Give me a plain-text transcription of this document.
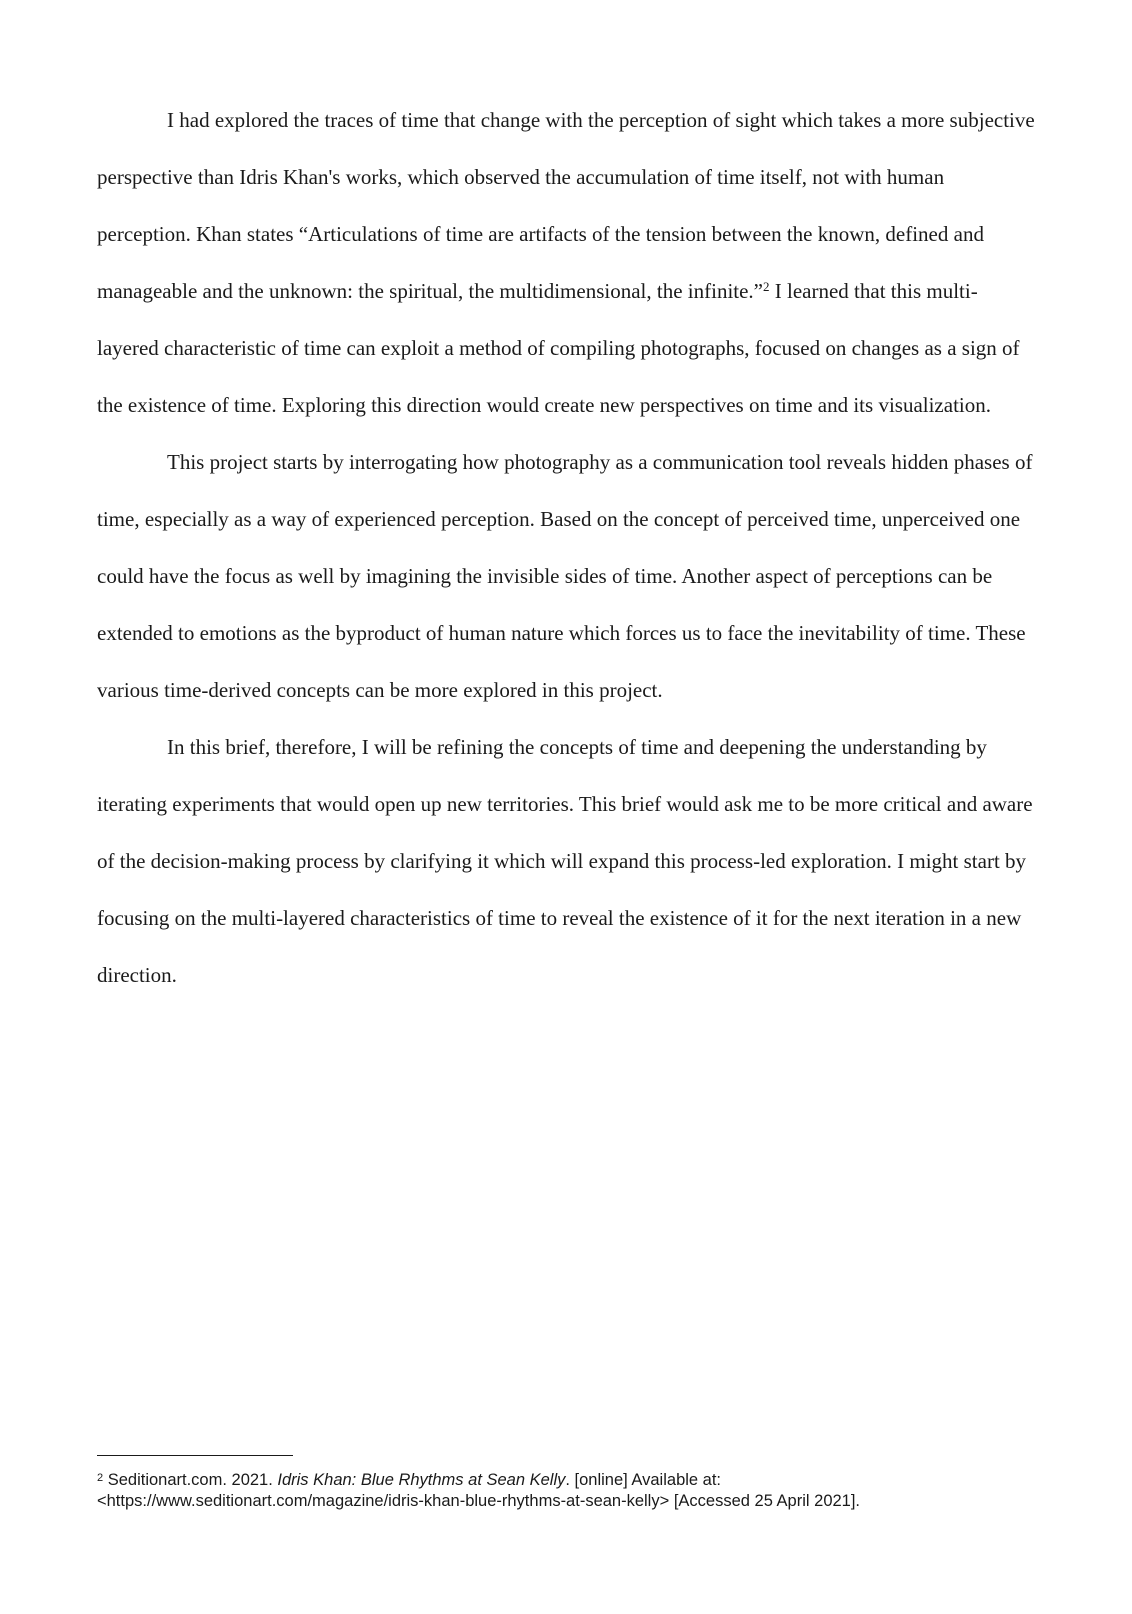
I had explored the traces of time that change with the perception of sight which takes a more subjective perspective than Idris Khan's works, which observed the accumulation of time itself, not with human perception. Khan states “Articulations of time are artifacts of the tension between the known, defined and manageable and the unknown: the spiritual, the multidimensional, the infinite.”$^2$ I learned that this multi-layered characteristic of time can exploit a method of compiling photographs, focused on changes as a sign of the existence of time. Exploring this direction would create new perspectives on time and its visualization.

This project starts by interrogating how photography as a communication tool reveals hidden phases of time, especially as a way of experienced perception. Based on the concept of perceived time, unperceived one could have the focus as well by imagining the invisible sides of time. Another aspect of perceptions can be extended to emotions as the byproduct of human nature which forces us to face the inevitability of time. These various time-derived concepts can be more explored in this project.

In this brief, therefore, I will be refining the concepts of time and deepening the understanding by iterating experiments that would open up new territories. This brief would ask me to be more critical and aware of the decision-making process by clarifying it which will expand this process-led exploration. I might start by focusing on the multi-layered characteristics of time to reveal the existence of it for the next iteration in a new direction.

$^2$ Seditionart.com. 2021. Idris Khan: Blue Rhythms at Sean Kelly. [online] Available at: <https://www.seditionart.com/magazine/idris-khan-blue-rhythms-at-sean-kelly> [Accessed 25 April 2021].
